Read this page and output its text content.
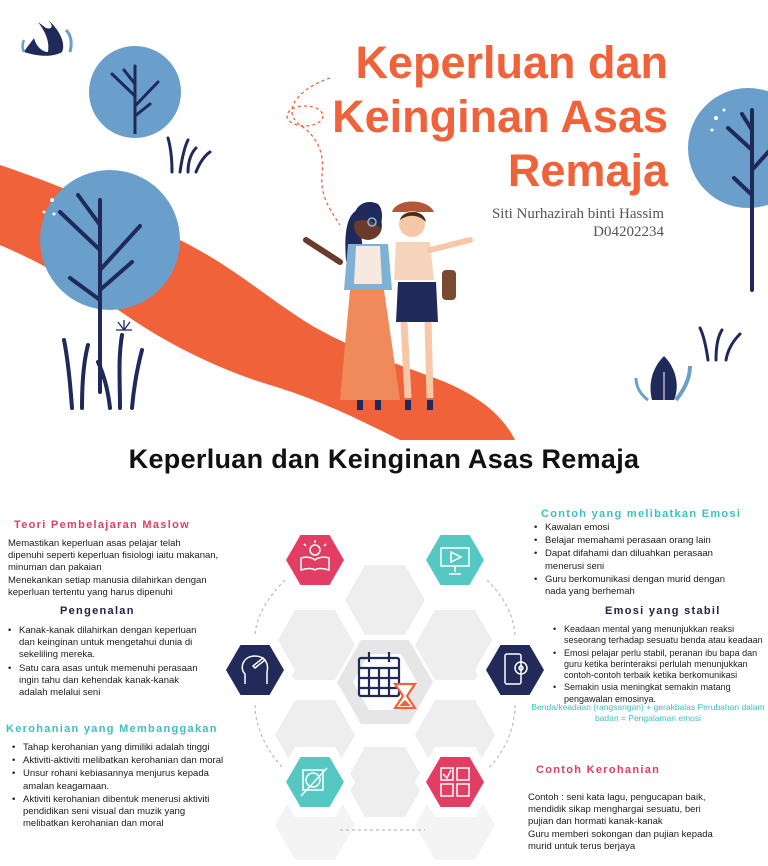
Keperluan dan
Keinginan Asas
Remaja
Siti Nurhazirah binti Hassim
D04202234
Keperluan dan Keinginan Asas Remaja
Teori Pembelajaran Maslow

Memastikan keperluan asas pelajar telah

dipenuhi seperti keperluan fisiologi iaitu makanan,

minuman dan pakaian

Menekankan setiap manusia dilahirkan dengan

keperluan tertentu yang harus dipenuhi

Pengenalan
• Kanak-kanak dilahirkan dengan keperluan dan keinginan untuk mengetahui dunia di sekeliling mereka.
• Satu cara asas untuk memenuhi perasaan ingin tahu dan kehendak kanak-kanak adalah melalui seni
Kerohanian yang Membanggakan
• Tahap kerohanian yang dimiliki adalah tinggi
• Aktiviti-aktiviti melibatkan kerohanian dan moral
• Unsur rohani kebiasannya menjurus kepada amalan keagamaan.
• Aktiviti kerohanian dibentuk menerusi aktiviti pendidikan seni visual dan muzik yang melibatkan kerohanian dan moral
Contoh yang melibatkan Emosi
• Kawalan emosi
• Belajar memahami perasaan orang lain
• Dapat difahami dan diluahkan perasaan menerusi seni
• Guru berkomunikasi dengan murid dengan nada yang berhemah
Emosi yang stabil
• Keadaan mental yang menunjukkan reaksi seseorang terhadap sesuatu benda atau keadaan
• Emosi pelajar perlu stabil, peranan ibu bapa dan guru ketika berinteraksi perlulah menunjukkan contoh-contoh terbaik ketika berkomunikasi
• Semakin usia meningkat semakin matang pengawalan emosinya.
Benda/keadaan (rangsangan) + gerakbalas Perubahan dalam badan = Pengalaman emosi
Contoh Kerohanian

Contoh : seni kata lagu, pengucapan baik,

mendidik sikap menghargai sesuatu, beri

pujian dan hormati kanak-kanak

Guru memberi sokongan dan pujian kepada

murid untuk terus berjaya
